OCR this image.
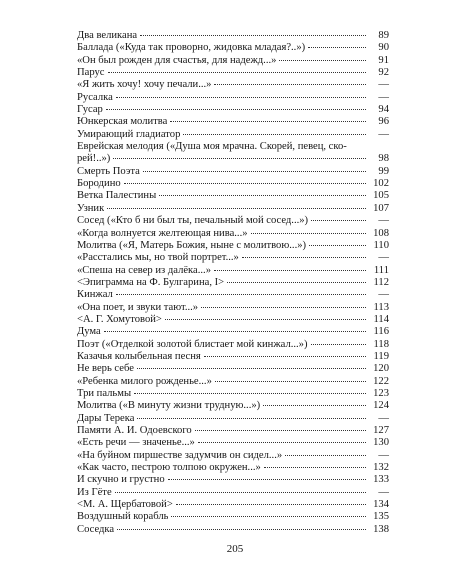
Два великана	89
Баллада («Куда так проворно, жидовка младая?..»)	90
«Он был рожден для счастья, для надежд...»	91
Парус	92
«Я жить хочу! хочу печали...»	—
Русалка	—
Гусар	94
Юнкерская молитва	96
Умирающий гладиатор	—
Еврейская мелодия («Душа моя мрачна. Скорей, певец, ско-
рей!..»)	98
Смерть Поэта	99
Бородино	102
Ветка Палестины	105
Узник	107
Сосед («Кто б ни был ты, печальный мой сосед...»)	—
«Когда волнуется желтеющая нива...»	108
Молитва («Я, Матерь Божия, ныне с молитвою...»)	110
«Расстались мы, но твой портрет...»	—
«Спеша на север из далёка...»	111
<Эпиграмма на Ф. Булгарина, I>	112
Кинжал	—
«Она поет, и звуки тают...»	113
<А. Г. Хомутовой>	114
Дума	116
Поэт («Отделкой золотой блистает мой кинжал...»)	118
Казачья колыбельная песня	119
Не верь себе	120
«Ребенка милого рожденье...»	122
Три пальмы	123
Молитва («В минуту жизни трудную...»)	124
Дары Терека	—
Памяти А. И. Одоевского	127
«Есть речи — значенье...»	130
«На буйном пиршестве задумчив он сидел...»	—
«Как часто, пестрою толпою окружен...»	132
И скучно и грустно	133
Из Гёте	—
<М. А. Щербатовой>	134
Воздушный корабль	135
Соседка	138
205
